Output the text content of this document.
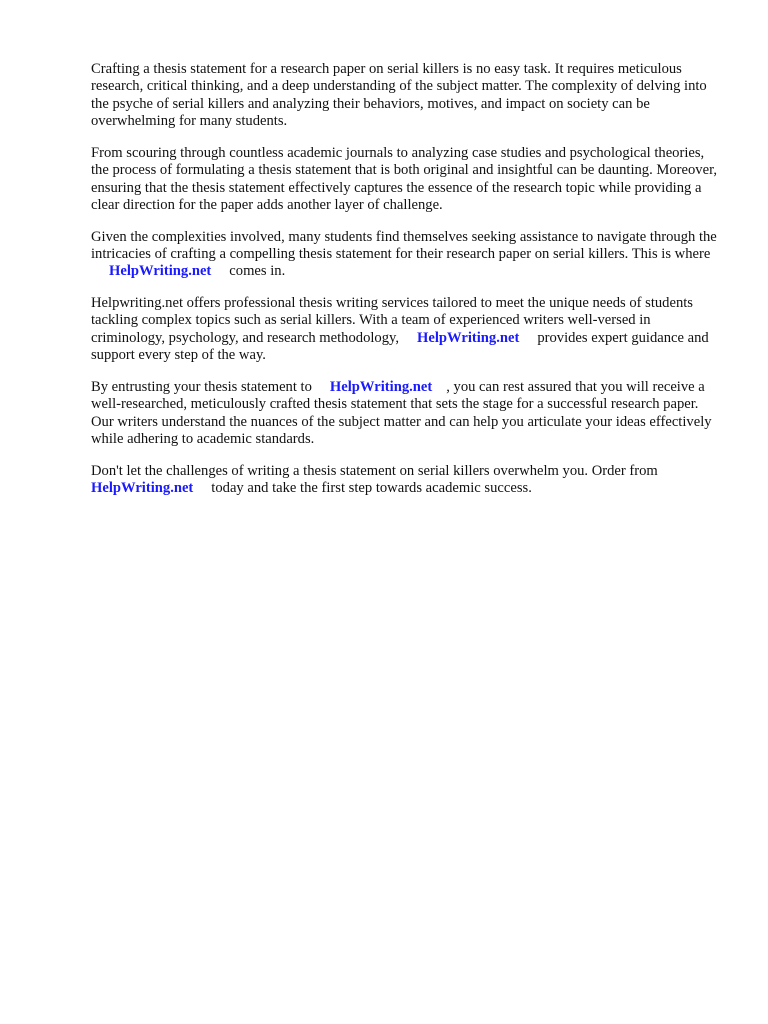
Crafting a thesis statement for a research paper on serial killers is no easy task. It requires meticulous research, critical thinking, and a deep understanding of the subject matter. The complexity of delving into the psyche of serial killers and analyzing their behaviors, motives, and impact on society can be overwhelming for many students.

From scouring through countless academic journals to analyzing case studies and psychological theories, the process of formulating a thesis statement that is both original and insightful can be daunting. Moreover, ensuring that the thesis statement effectively captures the essence of the research topic while providing a clear direction for the paper adds another layer of challenge.

Given the complexities involved, many students find themselves seeking assistance to navigate through the intricacies of crafting a compelling thesis statement for their research paper on serial killers. This is whereHelpWriting.net comes in.

Helpwriting.net offers professional thesis writing services tailored to meet the unique needs of students tackling complex topics such as serial killers. With a team of experienced writers well-versed in criminology, psychology, and research methodology, HelpWriting.net provides expert guidance and support every step of the way.

By entrusting your thesis statement to HelpWriting.net , you can rest assured that you will receive a well-researched, meticulously crafted thesis statement that sets the stage for a successful research paper. Our writers understand the nuances of the subject matter and can help you articulate your ideas effectively while adhering to academic standards.

Don't let the challenges of writing a thesis statement on serial killers overwhelm you. Order from HelpWriting.net today and take the first step towards academic success.
